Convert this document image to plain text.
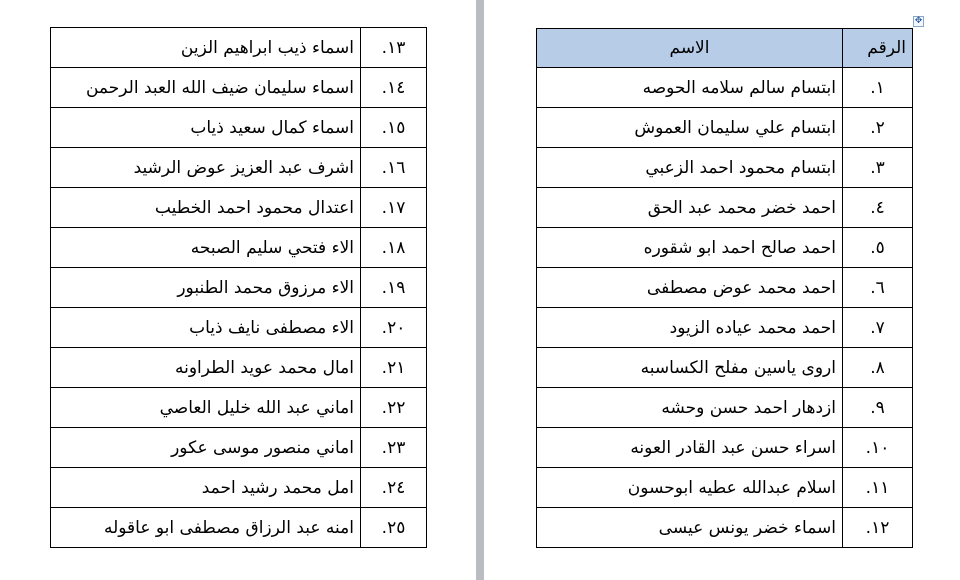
✥
الاسم	الرقم
ابتسام سالم سلامه الحوصه	١.
ابتسام علي سليمان العموش	٢.
ابتسام محمود احمد الزعبي	٣.
احمد خضر محمد عبد الحق	٤.
احمد صالح احمد ابو شقوره	٥.
احمد محمد عوض مصطفى	٦.
احمد محمد عياده الزيود	٧.
اروى ياسين مفلح الكساسبه	٨.
ازدهار احمد حسن وحشه	٩.
اسراء حسن عبد القادر العونه	١٠.
اسلام عبدالله عطيه ابوحسون	١١.
اسماء خضر يونس عيسى	١٢.
اسماء ذيب ابراهيم الزين	١٣.
اسماء سليمان ضيف الله العبد الرحمن	١٤.
اسماء كمال سعيد ذياب	١٥.
اشرف عبد العزيز عوض الرشيد	١٦.
اعتدال محمود احمد الخطيب	١٧.
الاء فتحي سليم الصبحه	١٨.
الاء مرزوق محمد الطنبور	١٩.
الاء مصطفى نايف ذياب	٢٠.
امال محمد عويد الطراونه	٢١.
اماني عبد الله خليل العاصي	٢٢.
اماني منصور موسى عكور	٢٣.
امل محمد رشيد احمد	٢٤.
امنه عبد الرزاق مصطفى ابو عاقوله	٢٥.
